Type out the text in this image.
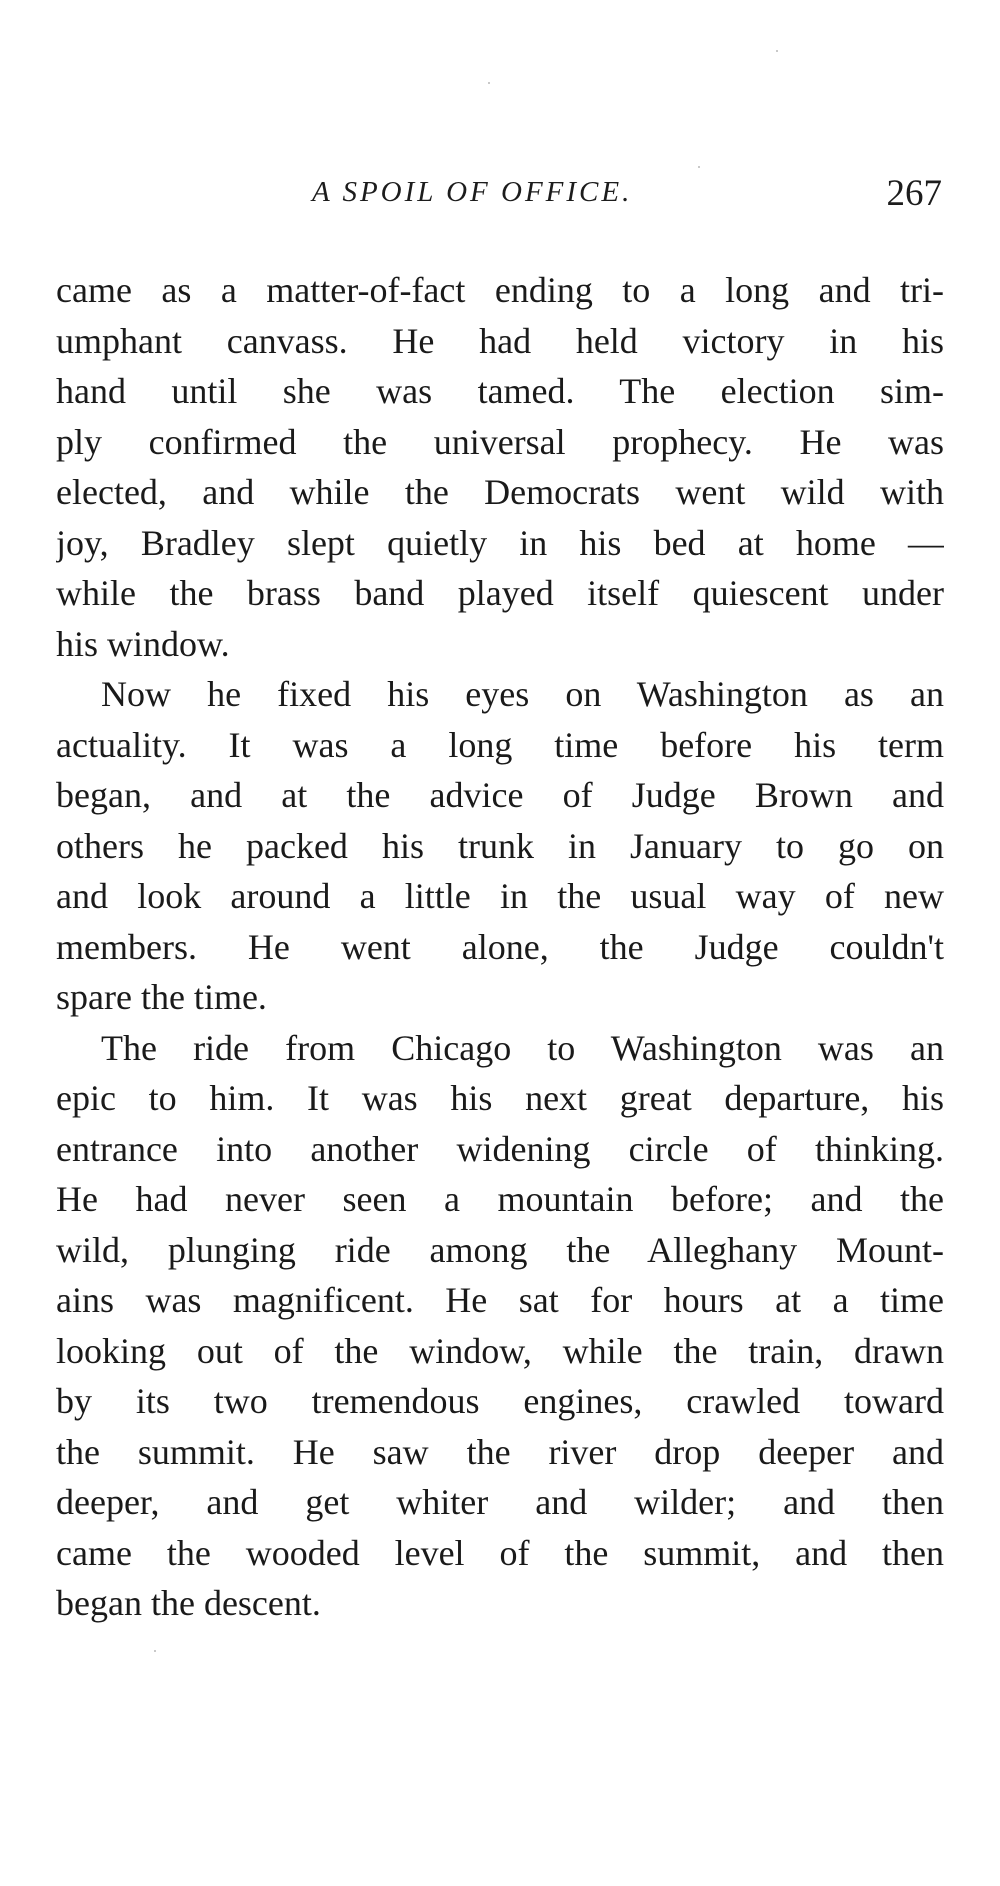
A SPOIL OF OFFICE.	267

came as a matter-of-fact ending to a long and tri-
umphant canvass. He had held victory in his
hand until she was tamed. The election sim-
ply confirmed the universal prophecy. He was
elected, and while the Democrats went wild with
joy, Bradley slept quietly in his bed at home —
while the brass band played itself quiescent under
his window.

Now he fixed his eyes on Washington as an
actuality. It was a long time before his term
began, and at the advice of Judge Brown and
others he packed his trunk in January to go on
and look around a little in the usual way of new
members. He went alone, the Judge couldn't
spare the time.

The ride from Chicago to Washington was an
epic to him. It was his next great departure, his
entrance into another widening circle of thinking.
He had never seen a mountain before; and the
wild, plunging ride among the Alleghany Mount-
ains was magnificent. He sat for hours at a time
looking out of the window, while the train, drawn
by its two tremendous engines, crawled toward
the summit. He saw the river drop deeper and
deeper, and get whiter and wilder; and then
came the wooded level of the summit, and then
began the descent.
